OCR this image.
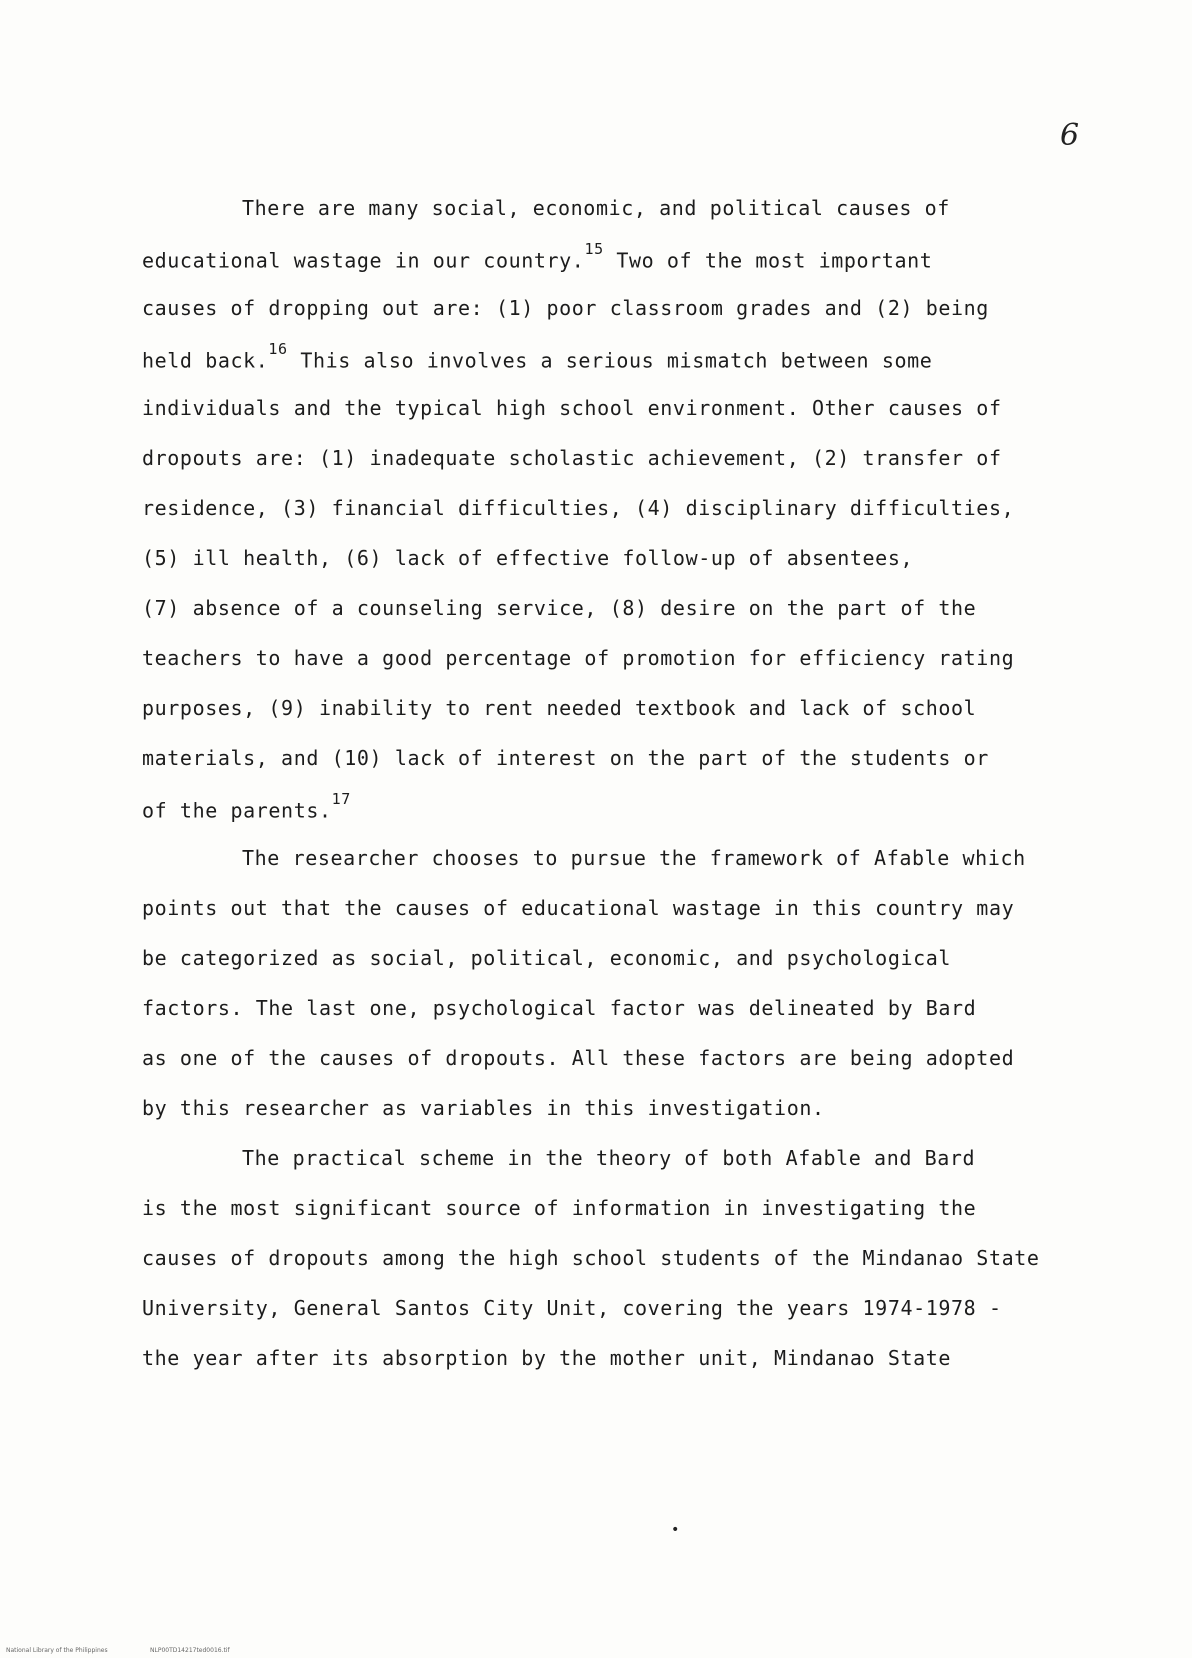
6
There are many social, economic, and political causes of
educational wastage in our country.$^{15}$ Two of the most important
causes of dropping out are: (1) poor classroom grades and (2) being
held back.$^{16}$ This also involves a serious mismatch between some
individuals and the typical high school environment. Other causes of
dropouts are: (1) inadequate scholastic achievement, (2) transfer of
residence, (3) financial difficulties, (4) disciplinary difficulties,
(5) ill health, (6) lack of effective follow-up of absentees,
(7) absence of a counseling service, (8) desire on the part of the
teachers to have a good percentage of promotion for efficiency rating
purposes, (9) inability to rent needed textbook and lack of school
materials, and (10) lack of interest on the part of the students or
of the parents.$^{17}$
The researcher chooses to pursue the framework of Afable which
points out that the causes of educational wastage in this country may
be categorized as social, political, economic, and psychological
factors. The last one, psychological factor was delineated by Bard
as one of the causes of dropouts. All these factors are being adopted
by this researcher as variables in this investigation.
The practical scheme in the theory of both Afable and Bard
is the most significant source of information in investigating the
causes of dropouts among the high school students of the Mindanao State
University, General Santos City Unit, covering the years 1974-1978 -
the year after its absorption by the mother unit, Mindanao State
•
National Library of the Philippines	NLP00TD14217ted0016.tif
